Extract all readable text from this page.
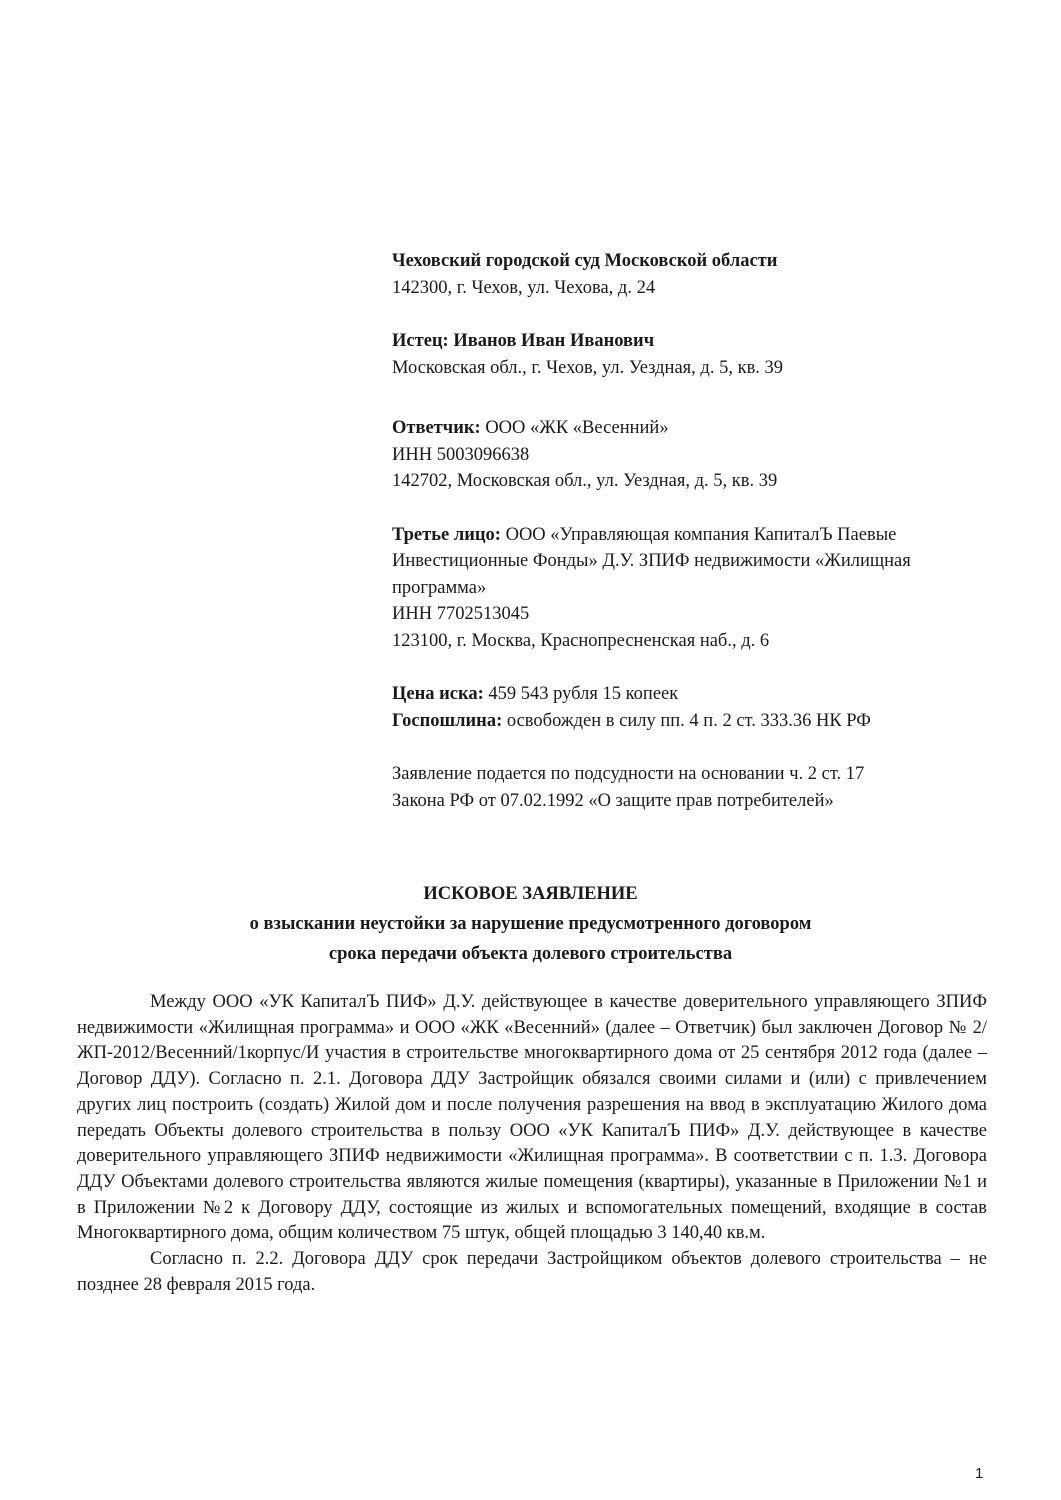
Чеховский городской суд Московской области
142300, г. Чехов, ул. Чехова, д. 24
Истец: Иванов Иван Иванович
Московская обл., г. Чехов, ул. Уездная, д. 5, кв. 39
Ответчик: ООО «ЖК «Весенний»
ИНН 5003096638
142702, Московская обл., ул. Уездная, д. 5, кв. 39
Третье лицо: ООО «Управляющая компания КапиталЪ Паевые
Инвестиционные Фонды» Д.У. ЗПИФ недвижимости «Жилищная
программа»
ИНН 7702513045
123100, г. Москва, Краснопресненская наб., д. 6
Цена иска: 459 543 рубля 15 копеек
Госпошлина: освобожден в силу пп. 4 п. 2 ст. 333.36 НК РФ
Заявление подается по подсудности на основании ч. 2 ст. 17
Закона РФ от 07.02.1992 «О защите прав потребителей»
ИСКОВОЕ ЗАЯВЛЕНИЕ
о взыскании неустойки за нарушение предусмотренного договором
срока передачи объекта долевого строительства

Между ООО «УК КапиталЪ ПИФ» Д.У. действующее в качестве доверительного управляющего ЗПИФ недвижимости «Жилищная программа» и ООО «ЖК «Весенний» (далее – Ответчик) был заключен Договор № 2/ЖП-2012/Весенний/1корпус/И участия в строительстве многоквартирного дома от 25 сентября 2012 года (далее – Договор ДДУ). Согласно п. 2.1. Договора ДДУ Застройщик обязался своими силами и (или) с привлечением других лиц построить (создать) Жилой дом и после получения разрешения на ввод в эксплуатацию Жилого дома передать Объекты долевого строительства в пользу ООО «УК КапиталЪ ПИФ» Д.У. действующее в качестве доверительного управляющего ЗПИФ недвижимости «Жилищная программа». В соответствии с п. 1.3. Договора ДДУ Объектами долевого строительства являются жилые помещения (квартиры), указанные в Приложении №1 и в Приложении №2 к Договору ДДУ, состоящие из жилых и вспомогательных помещений, входящие в состав Многоквартирного дома, общим количеством 75 штук, общей площадью 3 140,40 кв.м.

Согласно п. 2.2. Договора ДДУ срок передачи Застройщиком объектов долевого строительства – не позднее 28 февраля 2015 года.

1
